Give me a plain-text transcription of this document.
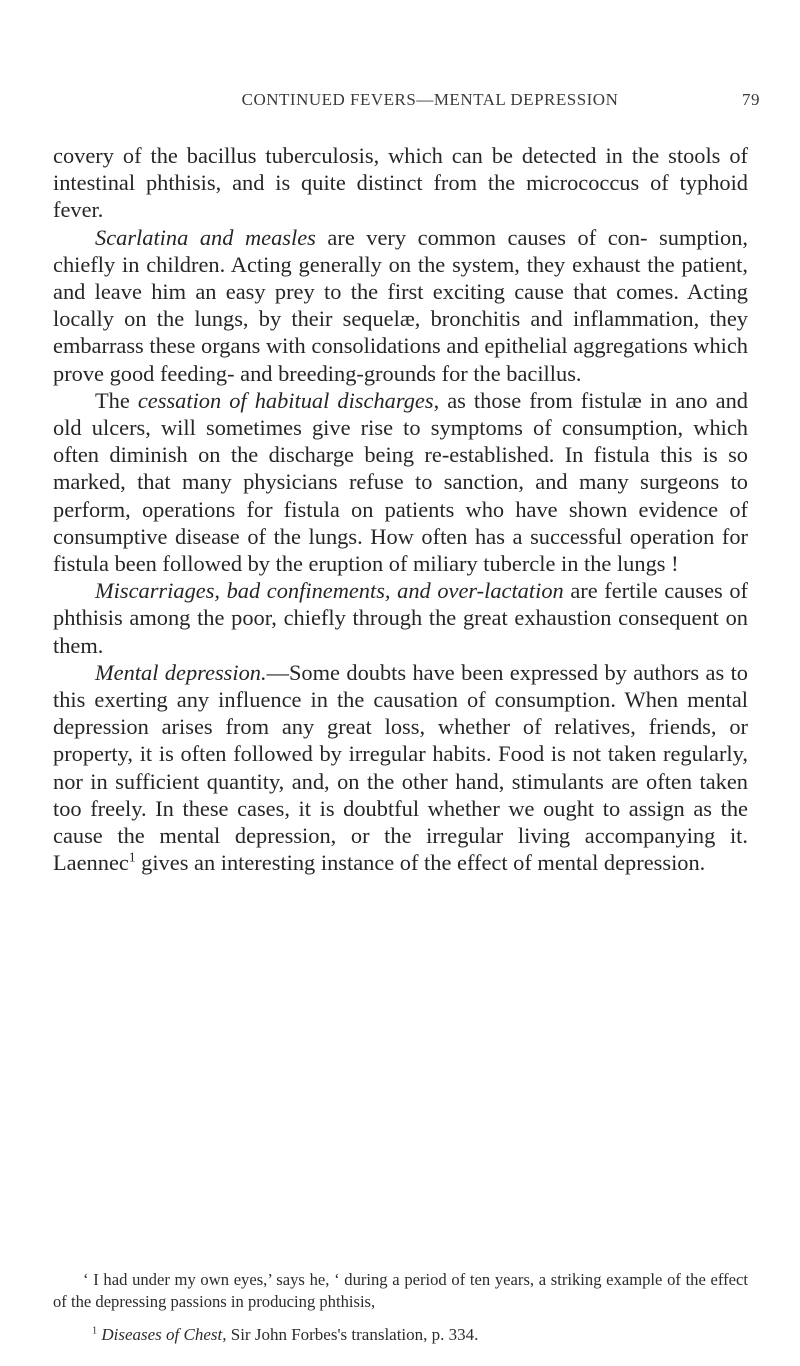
CONTINUED FEVERS—MENTAL DEPRESSION	79

covery of the bacillus tuberculosis, which can be detected in the stools of intestinal phthisis, and is quite distinct from the micrococcus of typhoid fever.

Scarlatina and measles are very common causes of con- sumption, chiefly in children. Acting generally on the system, they exhaust the patient, and leave him an easy prey to the first exciting cause that comes. Acting locally on the lungs, by their sequelæ, bronchitis and inflammation, they embarrass these organs with consolidations and epithelial aggregations which prove good feeding- and breeding-grounds for the bacillus.

The cessation of habitual discharges, as those from fistulæ in ano and old ulcers, will sometimes give rise to symptoms of consumption, which often diminish on the discharge being re-established. In fistula this is so marked, that many physicians refuse to sanction, and many surgeons to perform, operations for fistula on patients who have shown evidence of consumptive disease of the lungs. How often has a successful operation for fistula been followed by the eruption of miliary tubercle in the lungs !

Miscarriages, bad confinements, and over-lactation are fertile causes of phthisis among the poor, chiefly through the great exhaustion consequent on them.

Mental depression.—Some doubts have been expressed by authors as to this exerting any influence in the causation of consumption. When mental depression arises from any great loss, whether of relatives, friends, or property, it is often followed by irregular habits. Food is not taken regularly, nor in sufficient quantity, and, on the other hand, stimulants are often taken too freely. In these cases, it is doubtful whether we ought to assign as the cause the mental depression, or the irregular living accompanying it. Laennec$^1$ gives an interesting instance of the effect of mental depression.

‘ I had under my own eyes,’ says he, ‘ during a period of ten years, a striking example of the effect of the depressing passions in producing phthisis,

$^1$ Diseases of Chest, Sir John Forbes's translation, p. 334.
